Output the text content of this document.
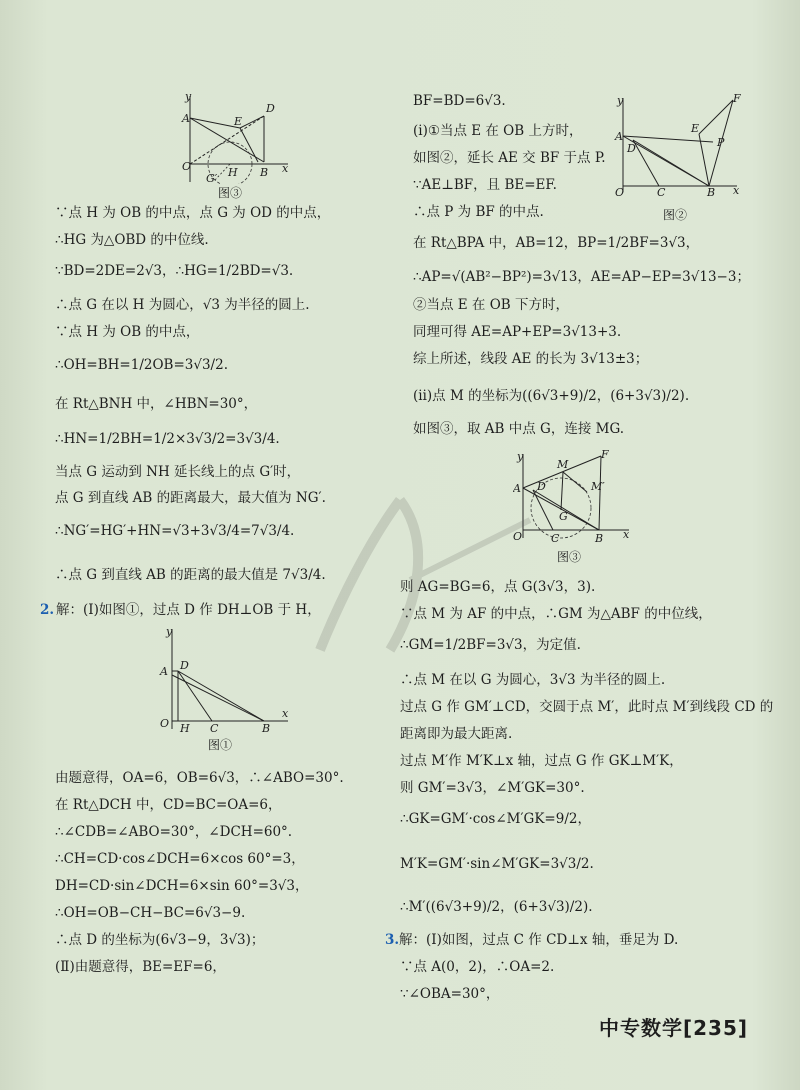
y
A
D
E
O	B
H
G′
x
图③
∵点 H 为 OB 的中点，点 G 为 OD 的中点，
∴HG 为△OBD 的中位线.
∵BD=2DE=2√3，∴HG=1/2BD=√3.
∴点 G 在以 H 为圆心，√3 为半径的圆上.
∵点 H 为 OB 的中点，
∴OH=BH=1/2OB=3√3/2.
在 Rt△BNH 中，∠HBN=30°，
∴HN=1/2BH=1/2×3√3/2=3√3/4.
当点 G 运动到 NH 延长线上的点 G′时，
点 G 到直线 AB 的距离最大，最大值为 NG′.
∴NG′=HG′+HN=√3+3√3/4=7√3/4.
∴点 G 到直线 AB 的距离的最大值是 7√3/4.
2. 解：(Ⅰ)如图①，过点 D 作 DH⊥OB 于 H，
y
A D
O H C	B
x
图①
由题意得，OA=6，OB=6√3，∴∠ABO=30°.
在 Rt△DCH 中，CD=BC=OA=6，
∴∠CDB=∠ABO=30°，∠DCH=60°.
∴CH=CD·cos∠DCH=6×cos 60°=3，
DH=CD·sin∠DCH=6×sin 60°=3√3，
∴OH=OB−CH−BC=6√3−9.
∴点 D 的坐标为(6√3−9，3√3)；
(Ⅱ)由题意得，BE=EF=6，
BF=BD=6√3.
(ⅰ)①当点 E 在 OB 上方时，
如图②，延长 AE 交 BF 于点 P.
∵AE⊥BF，且 BE=EF.
∴点 P 为 BF 的中点.
y
A
F
E
P
D
O	C	B x
图②
在 Rt△BPA 中，AB=12，BP=1/2BF=3√3，
∴AP=√(AB²−BP²)=3√13，AE=AP−EP=3√13−3；
②当点 E 在 OB 下方时，
同理可得 AE=AP+EP=3√13+3.
综上所述，线段 AE 的长为 3√13±3；
(ⅱ)点 M 的坐标为((6√3+9)/2，(6+3√3)/2).
如图③，取 AB 中点 G，连接 MG.
y
A
F
M
M′
D
G
O	C	B x
图③
则 AG=BG=6，点 G(3√3，3).
∵点 M 为 AF 的中点，∴GM 为△ABF 的中位线，
∴GM=1/2BF=3√3，为定值.
∴点 M 在以 G 为圆心，3√3 为半径的圆上.
过点 G 作 GM′⊥CD，交圆于点 M′，此时点 M′到线段 CD 的
距离即为最大距离.
过点 M′作 M′K⊥x 轴，过点 G 作 GK⊥M′K，
则 GM′=3√3，∠M′GK=30°.
∴GK=GM′·cos∠M′GK=9/2，
M′K=GM′·sin∠M′GK=3√3/2.
∴M′((6√3+9)/2，(6+3√3)/2).
3. 解：(Ⅰ)如图，过点 C 作 CD⊥x 轴，垂足为 D.
∵点 A(0，2)，∴OA=2.
∵∠OBA=30°，
中专数学[235]
